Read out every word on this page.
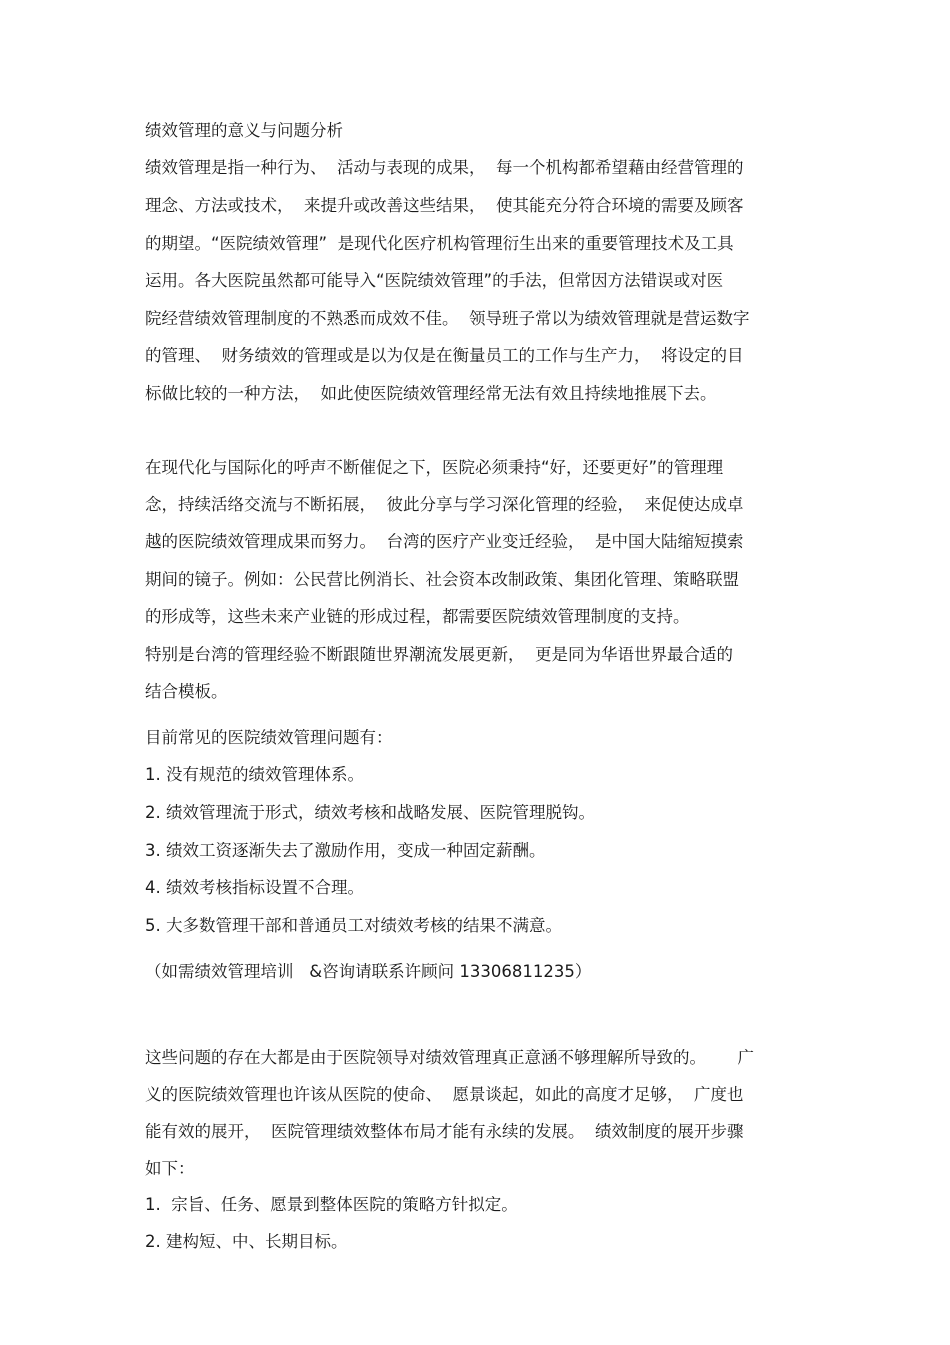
绩效管理的意义与问题分析
绩效管理是指一种行为、  活动与表现的成果，  每一个机构都希望藉由经营管理的
理念、方法或技术，  来提升或改善这些结果，  使其能充分符合环境的需要及顾客
的期望。“医院绩效管理”  是现代化医疗机构管理衍生出来的重要管理技术及工具
运用。各大医院虽然都可能导入“医院绩效管理”的手法，但常因方法错误或对医
院经营绩效管理制度的不熟悉而成效不佳。  领导班子常以为绩效管理就是营运数字
的管理、  财务绩效的管理或是以为仅是在衡量员工的工作与生产力，  将设定的目
标做比较的一种方法，  如此使医院绩效管理经常无法有效且持续地推展下去。
在现代化与国际化的呼声不断催促之下，医院必须秉持“好，还要更好”的管理理
念，持续活络交流与不断拓展，  彼此分享与学习深化管理的经验，  来促使达成卓
越的医院绩效管理成果而努力。  台湾的医疗产业变迁经验，  是中国大陆缩短摸索
期间的镜子。例如：公民营比例消长、社会资本改制政策、集团化管理、策略联盟
的形成等，这些未来产业链的形成过程，都需要医院绩效管理制度的支持。
特别是台湾的管理经验不断跟随世界潮流发展更新，  更是同为华语世界最合适的
结合模板。
目前常见的医院绩效管理问题有：
1. 没有规范的绩效管理体系。
2. 绩效管理流于形式，绩效考核和战略发展、医院管理脱钩。
3. 绩效工资逐渐失去了激励作用，变成一种固定薪酬。
4. 绩效考核指标设置不合理。
5. 大多数管理干部和普通员工对绩效考核的结果不满意。
（如需绩效管理培训   &咨询请联系许顾问 13306811235）
这些问题的存在大都是由于医院领导对绩效管理真正意涵不够理解所导致的。      广
义的医院绩效管理也许该从医院的使命、  愿景谈起，如此的高度才足够，  广度也
能有效的展开，  医院管理绩效整体布局才能有永续的发展。  绩效制度的展开步骤
如下：
1.  宗旨、任务、愿景到整体医院的策略方针拟定。
2. 建构短、中、长期目标。
